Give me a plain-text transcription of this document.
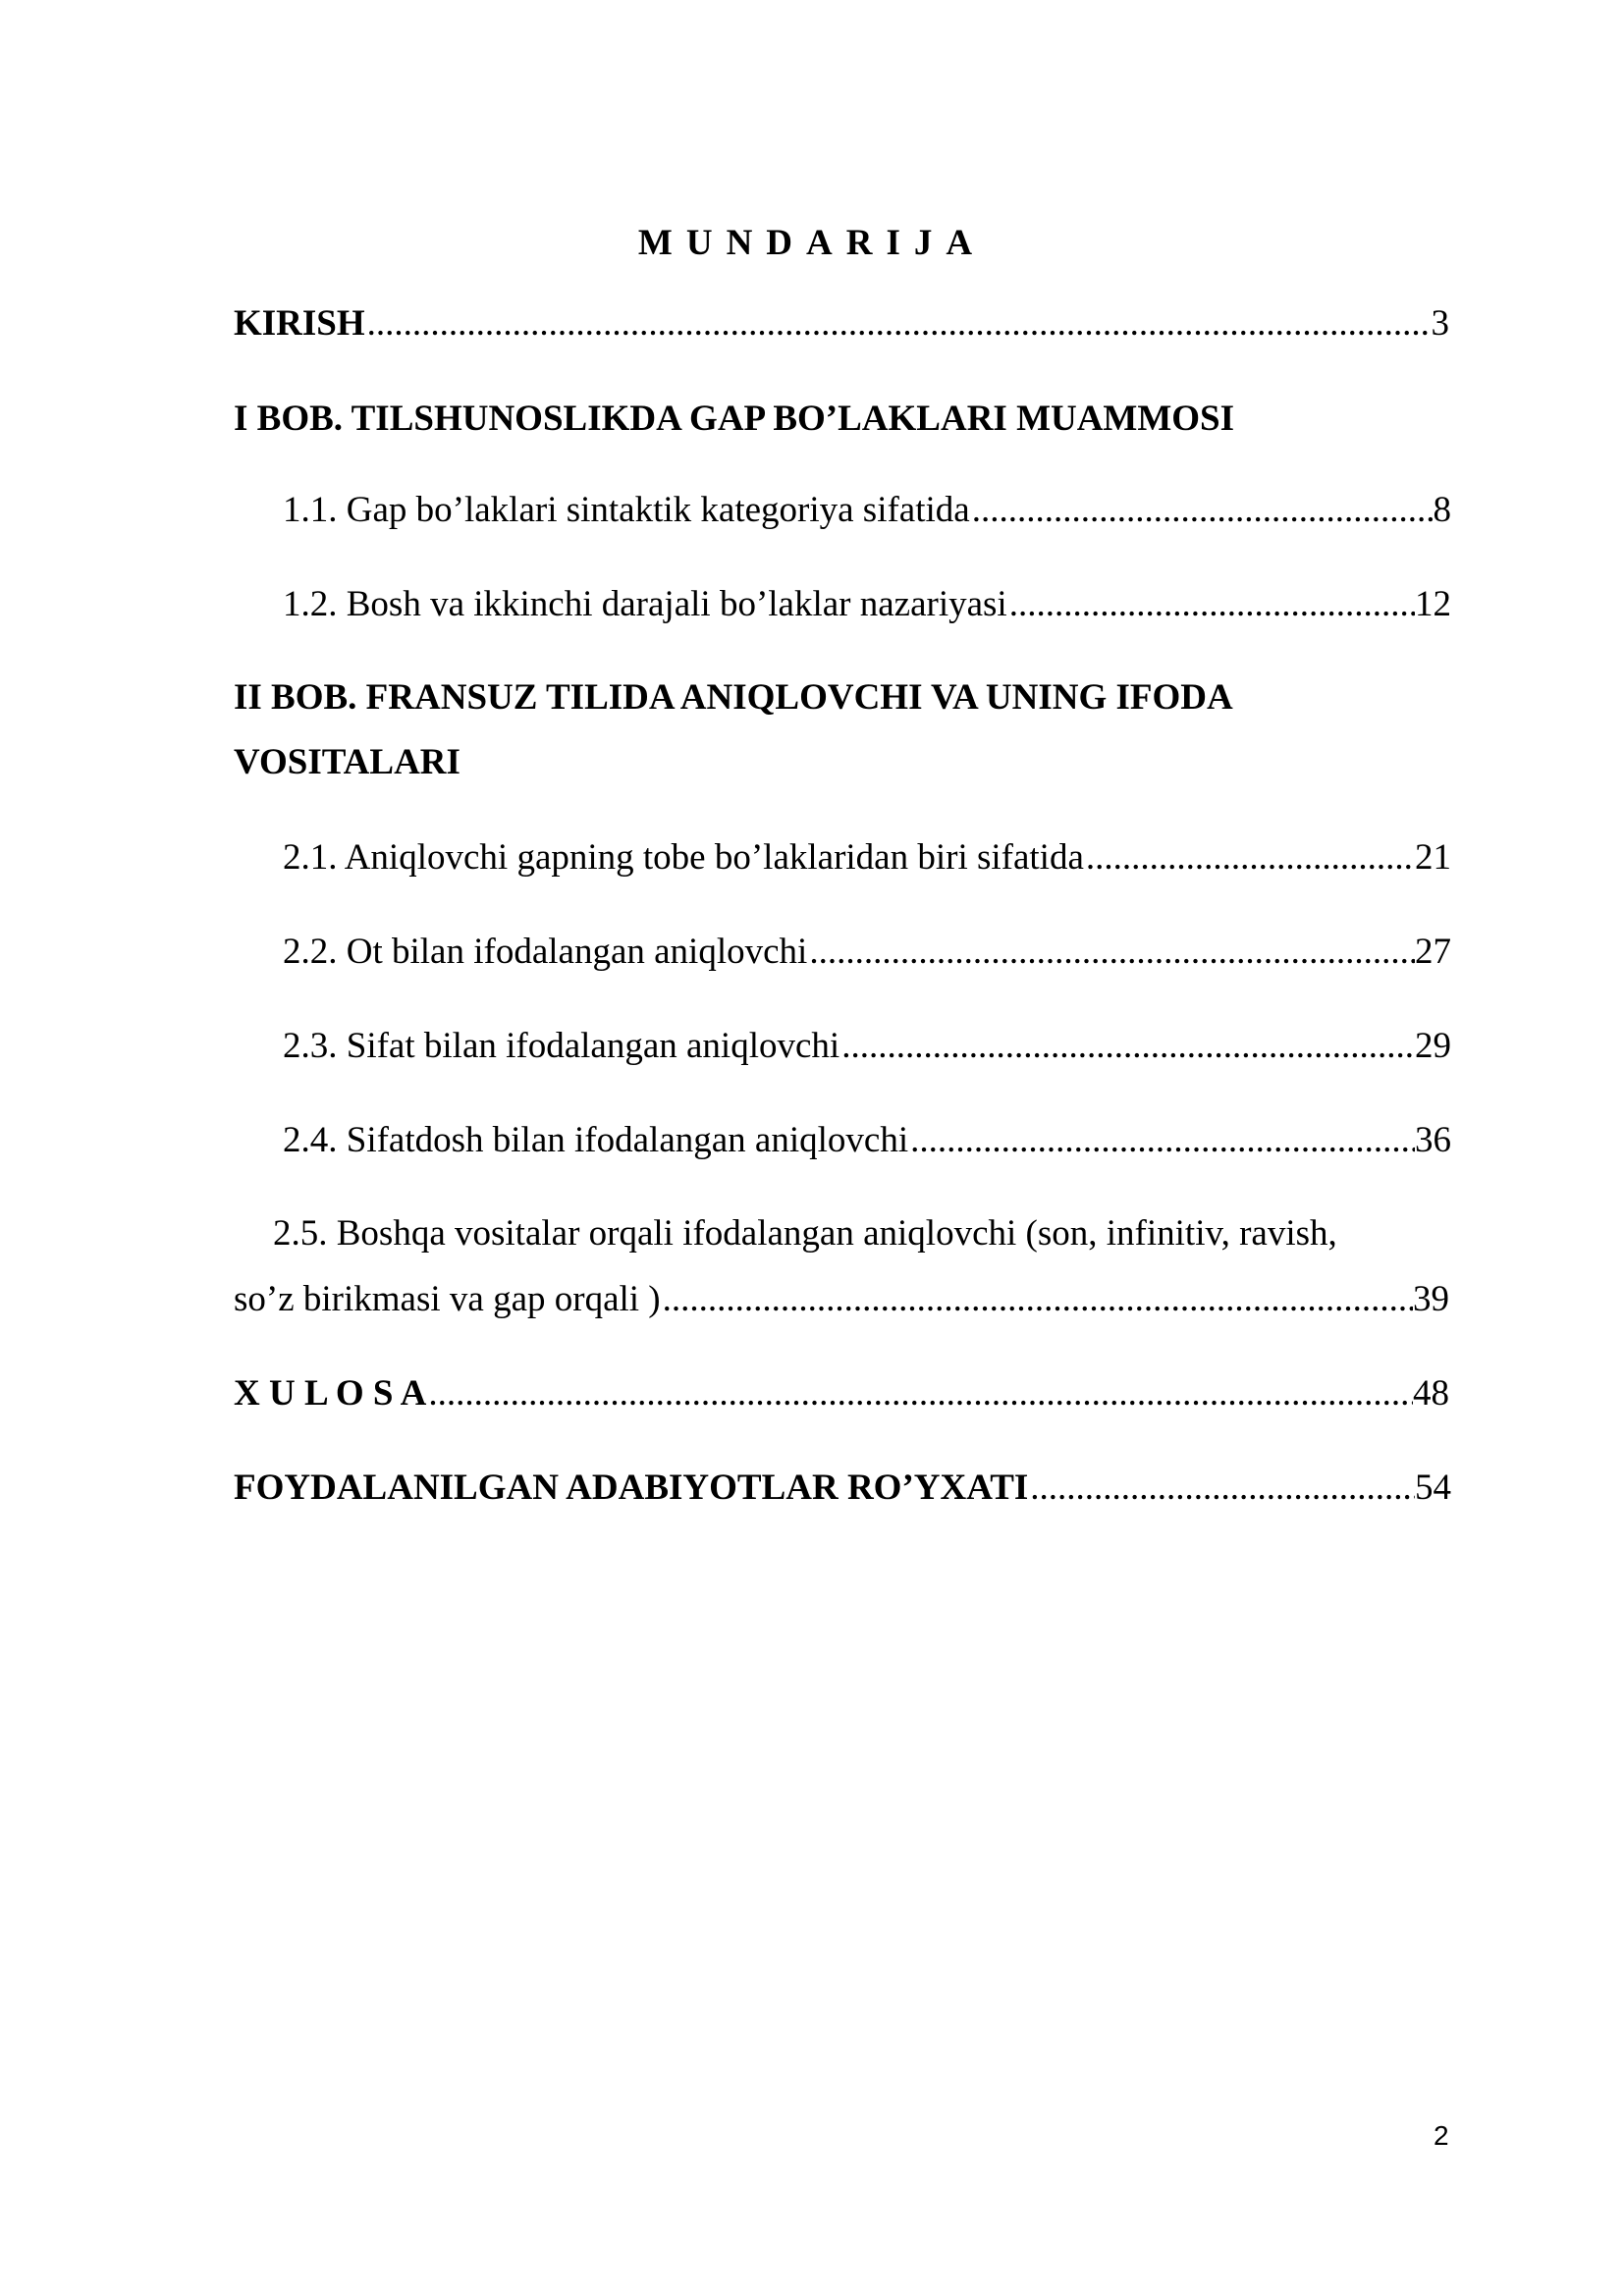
MUNDARIJA
KIRISH .....	3
I BOB. TILSHUNOSLIKDA GAP BO’LAKLARI MUAMMOSI
1.1. Gap bo’laklari sintaktik kategoriya sifatida .....	8
1.2. Bosh va ikkinchi darajali bo’laklar nazariyasi .....	12
II BOB. FRANSUZ TILIDA ANIQLOVCHI VA UNING IFODA
VOSITALARI
2.1. Aniqlovchi gapning tobe bo’laklaridan biri sifatida .....	21
2.2. Ot bilan ifodalangan aniqlovchi .....	27
2.3. Sifat bilan ifodalangan aniqlovchi .....	29
2.4. Sifatdosh bilan ifodalangan aniqlovchi .....	36
2.5. Boshqa vositalar orqali ifodalangan aniqlovchi (son, infinitiv, ravish,
so’z birikmasi va gap orqali ) .....	39
X U L O S A .....	48
FOYDALANILGAN ADABIYOTLAR RO’YXATI .....	54
2
